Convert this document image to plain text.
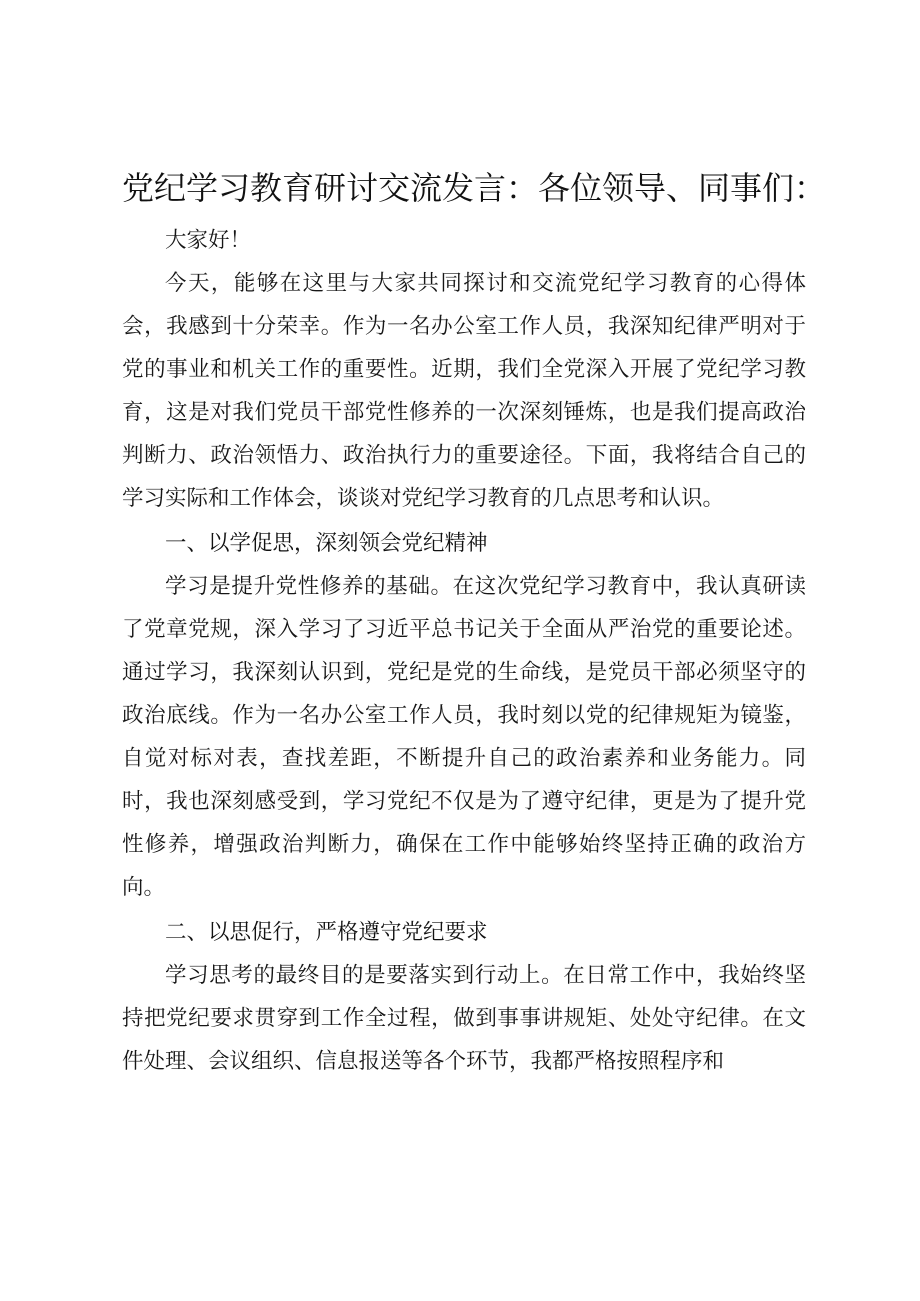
党纪学习教育研讨交流发言：各位领导、同事们：

大家好！

今天，能够在这里与大家共同探讨和交流党纪学习教育的心得体会，我感到十分荣幸。作为一名办公室工作人员，我深知纪律严明对于党的事业和机关工作的重要性。近期，我们全党深入开展了党纪学习教育，这是对我们党员干部党性修养的一次深刻锤炼，也是我们提高政治判断力、政治领悟力、政治执行力的重要途径。下面，我将结合自己的学习实际和工作体会，谈谈对党纪学习教育的几点思考和认识。

一、以学促思，深刻领会党纪精神

学习是提升党性修养的基础。在这次党纪学习教育中，我认真研读了党章党规，深入学习了习近平总书记关于全面从严治党的重要论述。通过学习，我深刻认识到，党纪是党的生命线，是党员干部必须坚守的政治底线。作为一名办公室工作人员，我时刻以党的纪律规矩为镜鉴，自觉对标对表，查找差距，不断提升自己的政治素养和业务能力。同时，我也深刻感受到，学习党纪不仅是为了遵守纪律，更是为了提升党性修养，增强政治判断力，确保在工作中能够始终坚持正确的政治方向。

二、以思促行，严格遵守党纪要求

学习思考的最终目的是要落实到行动上。在日常工作中，我始终坚持把党纪要求贯穿到工作全过程，做到事事讲规矩、处处守纪律。在文件处理、会议组织、信息报送等各个环节，我都严格按照程序和
